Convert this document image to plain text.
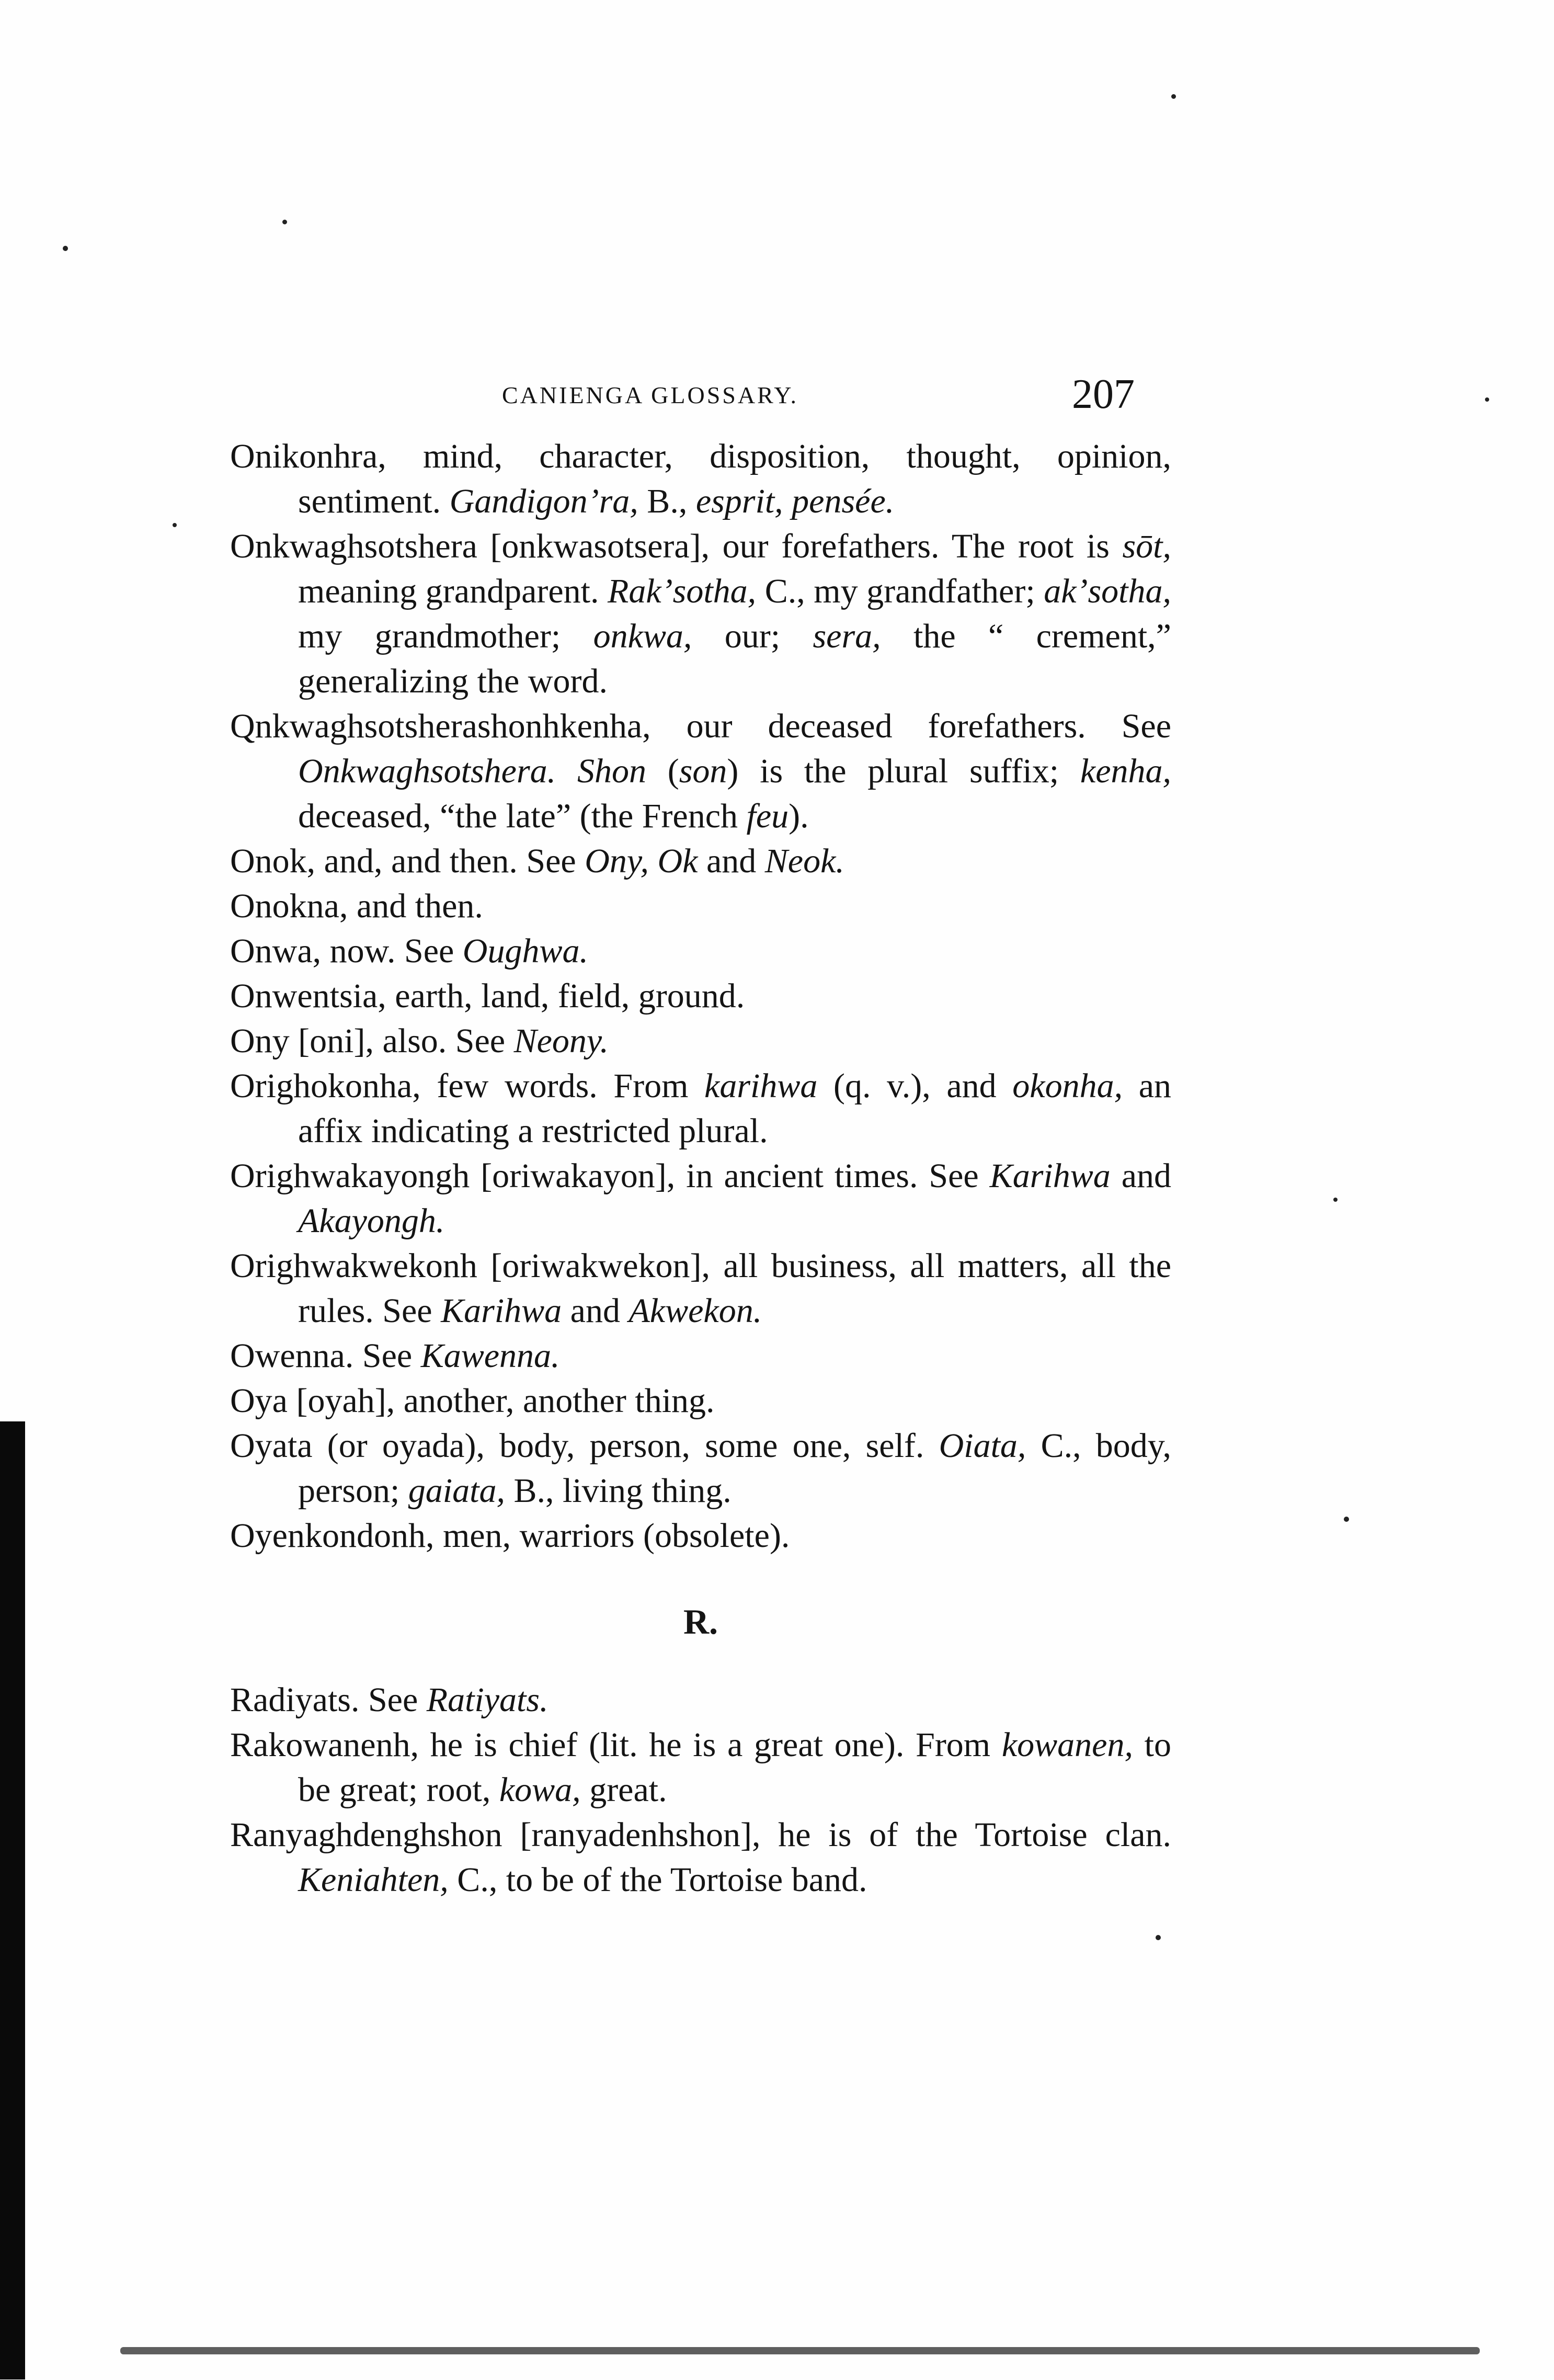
CANIENGA GLOSSARY.	207

Onikonhra, mind, character, disposition, thought, opinion, sentiment. Gandigonʼra, B., esprit, pensée.

Onkwaghsotshera [onkwasotsera], our forefathers. The root is sōt, meaning grandparent. Rakʼsotha, C., my grandfather; akʼsotha, my grandmother; onkwa, our; sera, the “ crement,” generalizing the word.

Qnkwaghsotsherashonhkenha, our deceased forefathers. See Onkwaghsotshera. Shon (son) is the plural suffix; kenha, deceased, “the late” (the French feu).

Onok, and, and then. See Ony, Ok and Neok.

Onokna, and then.

Onwa, now. See Oughwa.

Onwentsia, earth, land, field, ground.

Ony [oni], also. See Neony.

Orighokonha, few words. From karihwa (q. v.), and okonha, an affix indicating a restricted plural.

Orighwakayongh [oriwakayon], in ancient times. See Karihwa and Akayongh.

Orighwakwekonh [oriwakwekon], all business, all matters, all the rules. See Karihwa and Akwekon.

Owenna. See Kawenna.

Oya [oyah], another, another thing.

Oyata (or oyada), body, person, some one, self. Oiata, C., body, person; gaiata, B., living thing.

Oyenkondonh, men, warriors (obsolete).

R.

Radiyats. See Ratiyats.

Rakowanenh, he is chief (lit. he is a great one). From kowanen, to be great; root, kowa, great.

Ranyaghdenghshon [ranyadenhshon], he is of the Tortoise clan. Keniahten, C., to be of the Tortoise band.
